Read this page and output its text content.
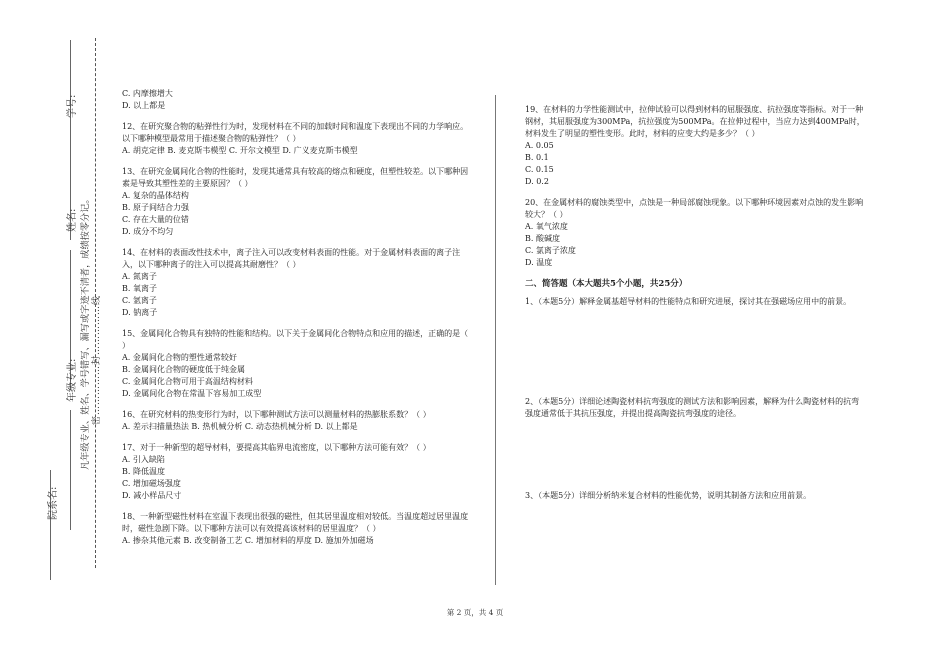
学号:
姓名:
年级专业:
院系名:
凡年级专业、姓名、学号错写、漏写或字迹不清者，成绩按零分记。 密……………封……………线

C. 内摩擦增大

D. 以上都是

12、在研究聚合物的粘弹性行为时，发现材料在不同的加载时间和温度下表现出不同的力学响应。以下哪种模型最常用于描述聚合物的粘弹性？（ ）

A. 胡克定律 B. 麦克斯韦模型 C. 开尔文模型 D. 广义麦克斯韦模型

13、在研究金属间化合物的性能时，发现其通常具有较高的熔点和硬度，但塑性较差。以下哪种因素是导致其塑性差的主要原因？（ ）

A. 复杂的晶体结构

B. 原子间结合力强

C. 存在大量的位错

D. 成分不均匀

14、在材料的表面改性技术中，离子注入可以改变材料表面的性能。对于金属材料表面的离子注入，以下哪种离子的注入可以提高其耐磨性？（ ）

A. 氮离子

B. 氧离子

C. 氩离子

D. 钠离子

15、金属间化合物具有独特的性能和结构。以下关于金属间化合物特点和应用的描述，正确的是（ ）

A. 金属间化合物的塑性通常较好

B. 金属间化合物的硬度低于纯金属

C. 金属间化合物可用于高温结构材料

D. 金属间化合物在常温下容易加工成型

16、在研究材料的热变形行为时，以下哪种测试方法可以测量材料的热膨胀系数？（ ）

A. 差示扫描量热法 B. 热机械分析 C. 动态热机械分析 D. 以上都是

17、对于一种新型的超导材料，要提高其临界电流密度，以下哪种方法可能有效？（ ）

A. 引入缺陷

B. 降低温度

C. 增加磁场强度

D. 减小样品尺寸

18、一种新型磁性材料在室温下表现出很强的磁性，但其居里温度相对较低。当温度超过居里温度时，磁性急剧下降。以下哪种方法可以有效提高该材料的居里温度？（ ）

A. 掺杂其他元素 B. 改变制备工艺 C. 增加材料的厚度 D. 施加外加磁场

19、在材料的力学性能测试中，拉伸试验可以得到材料的屈服强度、抗拉强度等指标。对于一种钢材，其屈服强度为300MPa，抗拉强度为500MPa。在拉伸过程中，当应力达到400MPa时，材料发生了明显的塑性变形。此时，材料的应变大约是多少？（ ）

A. 0.05

B. 0.1

C. 0.15

D. 0.2

20、在金属材料的腐蚀类型中，点蚀是一种局部腐蚀现象。以下哪种环境因素对点蚀的发生影响较大？（ ）

A. 氧气浓度

B. 酸碱度

C. 氯离子浓度

D. 温度

二、简答题（本大题共5个小题，共25分）

1、（本题5分）解释金属基超导材料的性能特点和研究进展，探讨其在强磁场应用中的前景。

2、（本题5分）详细论述陶瓷材料抗弯强度的测试方法和影响因素，解释为什么陶瓷材料的抗弯强度通常低于其抗压强度，并提出提高陶瓷抗弯强度的途径。

3、（本题5分）详细分析纳米复合材料的性能优势，说明其制备方法和应用前景。

第 2 页，共 4 页
